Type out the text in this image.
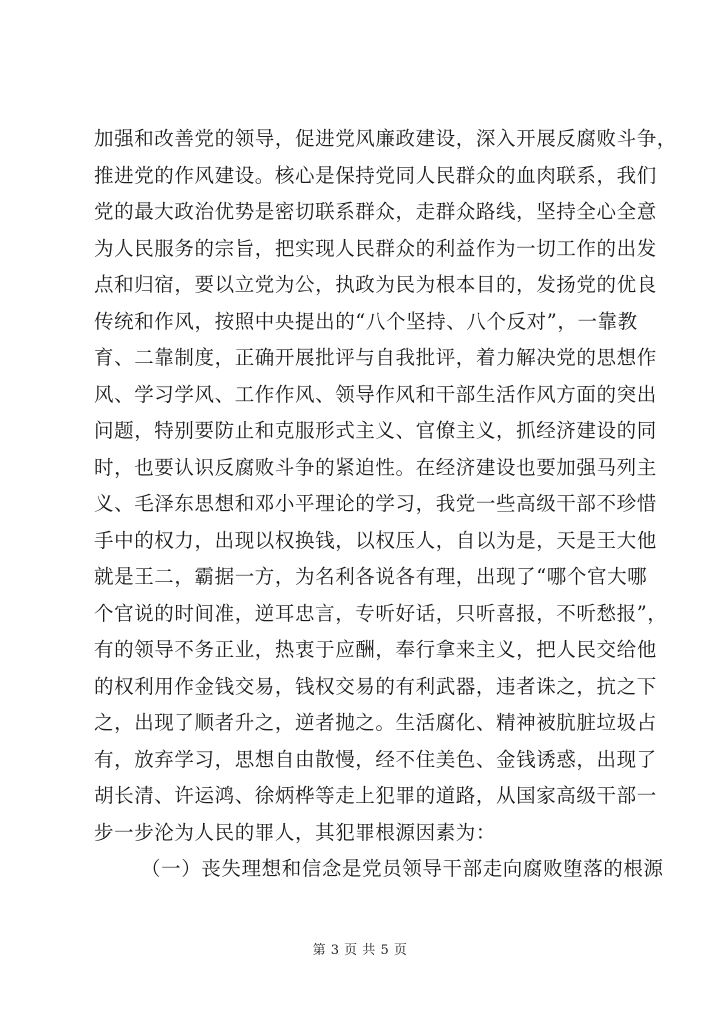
加强和改善党的领导，促进党风廉政建设，深入开展反腐败斗争，
推进党的作风建设。核心是保持党同人民群众的血肉联系，我们
党的最大政治优势是密切联系群众，走群众路线，坚持全心全意
为人民服务的宗旨，把实现人民群众的利益作为一切工作的出发
点和归宿，要以立党为公，执政为民为根本目的，发扬党的优良
传统和作风，按照中央提出的“八个坚持、八个反对”，一靠教
育、二靠制度，正确开展批评与自我批评，着力解决党的思想作
风、学习学风、工作作风、领导作风和干部生活作风方面的突出
问题，特别要防止和克服形式主义、官僚主义，抓经济建设的同
时，也要认识反腐败斗争的紧迫性。在经济建设也要加强马列主
义、毛泽东思想和邓小平理论的学习，我党一些高级干部不珍惜
手中的权力，出现以权换钱，以权压人，自以为是，天是王大他
就是王二，霸据一方，为名利各说各有理，出现了“哪个官大哪
个官说的时间准，逆耳忠言，专听好话，只听喜报，不听愁报”，
有的领导不务正业，热衷于应酬，奉行拿来主义，把人民交给他
的权利用作金钱交易，钱权交易的有利武器，违者诛之，抗之下
之，出现了顺者升之，逆者抛之。生活腐化、精神被肮脏垃圾占
有，放弃学习，思想自由散慢，经不住美色、金钱诱惑，出现了
胡长清、许运鸿、徐炳桦等走上犯罪的道路，从国家高级干部一
步一步沦为人民的罪人，其犯罪根源因素为：
（一）丧失理想和信念是党员领导干部走向腐败堕落的根源
第 3 页 共 5 页
